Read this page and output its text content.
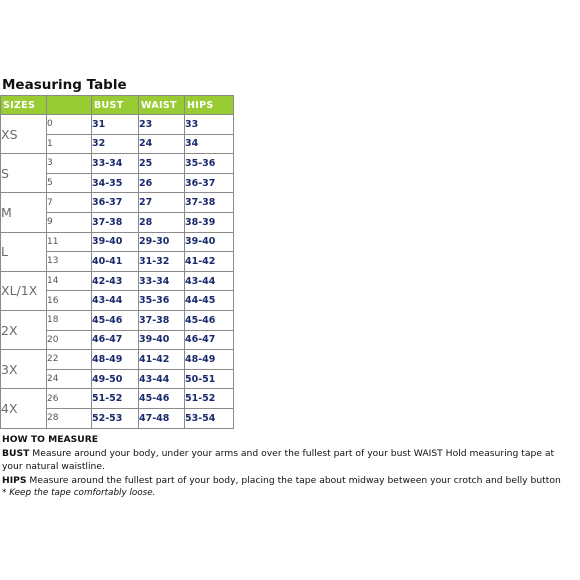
Measuring Table
SIZES		BUST	WAIST	HIPS
XS	0	31	23	33
	1	32	24	34
S	3	33-34	25	35-36
	5	34-35	26	36-37
M	7	36-37	27	37-38
	9	37-38	28	38-39
L	11	39-40	29-30	39-40
	13	40-41	31-32	41-42
XL/1X	14	42-43	33-34	43-44
	16	43-44	35-36	44-45
2X	18	45-46	37-38	45-46
	20	46-47	39-40	46-47
3X	22	48-49	41-42	48-49
	24	49-50	43-44	50-51
4X	26	51-52	45-46	51-52
	28	52-53	47-48	53-54
HOW TO MEASURE
BUST Measure around your body, under your arms and over the fullest part of your bust WAIST Hold measuring tape at your natural waistline.
HIPS Measure around the fullest part of your body, placing the tape about midway between your crotch and belly button
* Keep the tape comfortably loose.
